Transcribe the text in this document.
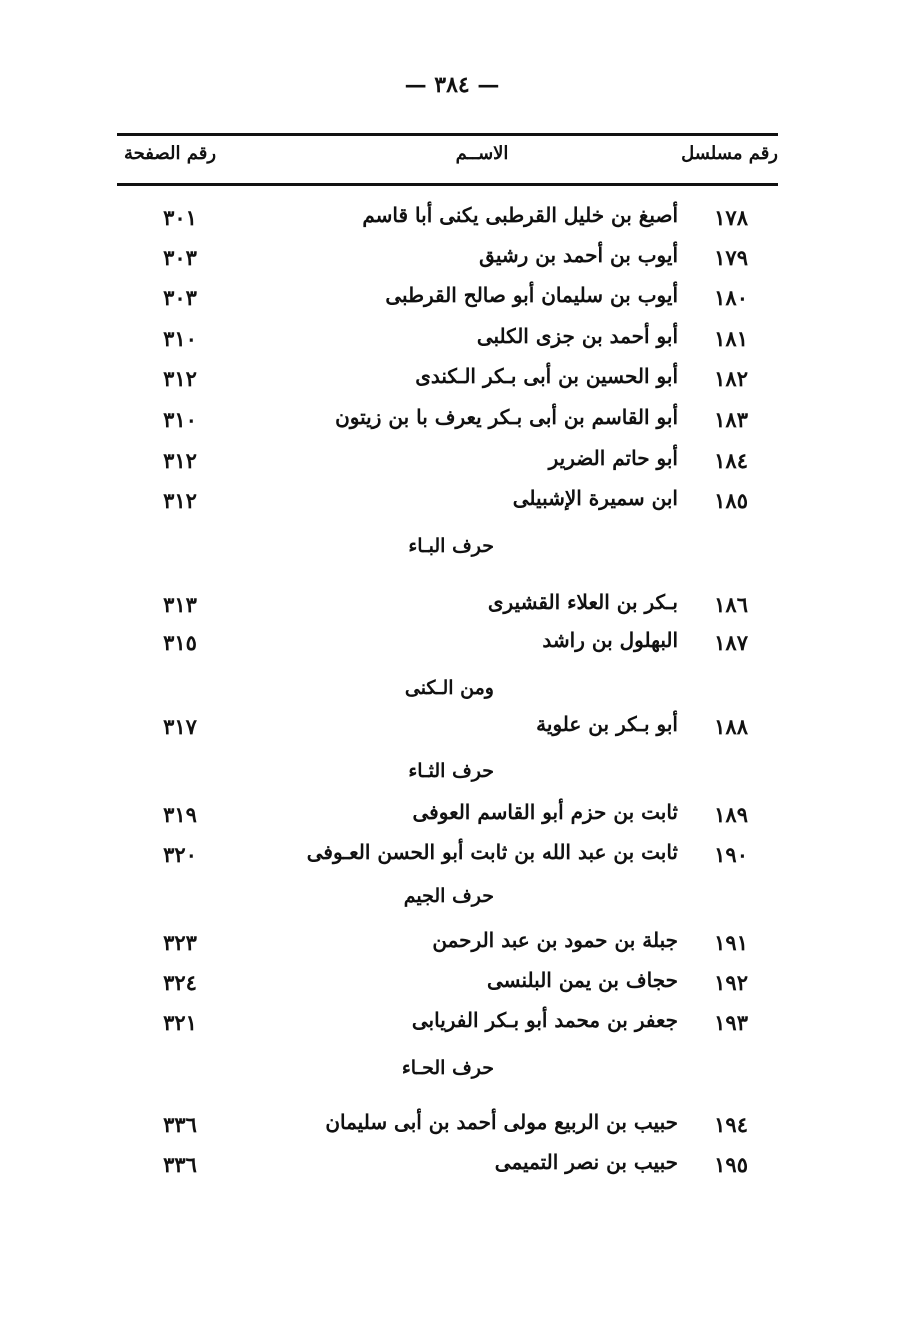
— ٣٨٤ —
رقم مسلسل
الاســم
رقم الصفحة
١٧٨
أصبغ بن خليل القرطبى يكنى أبا قاسم
٣٠١
١٧٩
أيوب بن أحمد بن رشيق
٣٠٣
١٨٠
أيوب بن سليمان أبو صالح القرطبى
٣٠٣
١٨١
أبو أحمد بن جزى الكلبى
٣١٠
١٨٢
أبو الحسين بن أبى بـكر الـكندى
٣١٢
١٨٣
أبو القاسم بن أبى بـكر يعرف با بن زيتون
٣١٠
١٨٤
أبو حاتم الضرير
٣١٢
١٨٥
ابن سميرة الإشبيلى
٣١٢
حرف البـاء
١٨٦
بـكر بن العلاء القشيرى
٣١٣
١٨٧
البهلول بن راشد
٣١٥
ومن الـكنى
١٨٨
أبو بـكر بن علوية
٣١٧
حرف الثـاء
١٨٩
ثابت بن حزم أبو القاسم العوفى
٣١٩
١٩٠
ثابت بن عبد الله بن ثابت أبو الحسن العـوفى
٣٢٠
حرف الجيم
١٩١
جبلة بن حمود بن عبد الرحمن
٣٢٣
١٩٢
حجاف بن يمن البلنسى
٣٢٤
١٩٣
جعفر بن محمد أبو بـكر الفريابى
٣٢١
حرف الحـاء
١٩٤
حبيب بن الربيع مولى أحمد بن أبى سليمان
٣٣٦
١٩٥
حبيب بن نصر التميمى
٣٣٦
